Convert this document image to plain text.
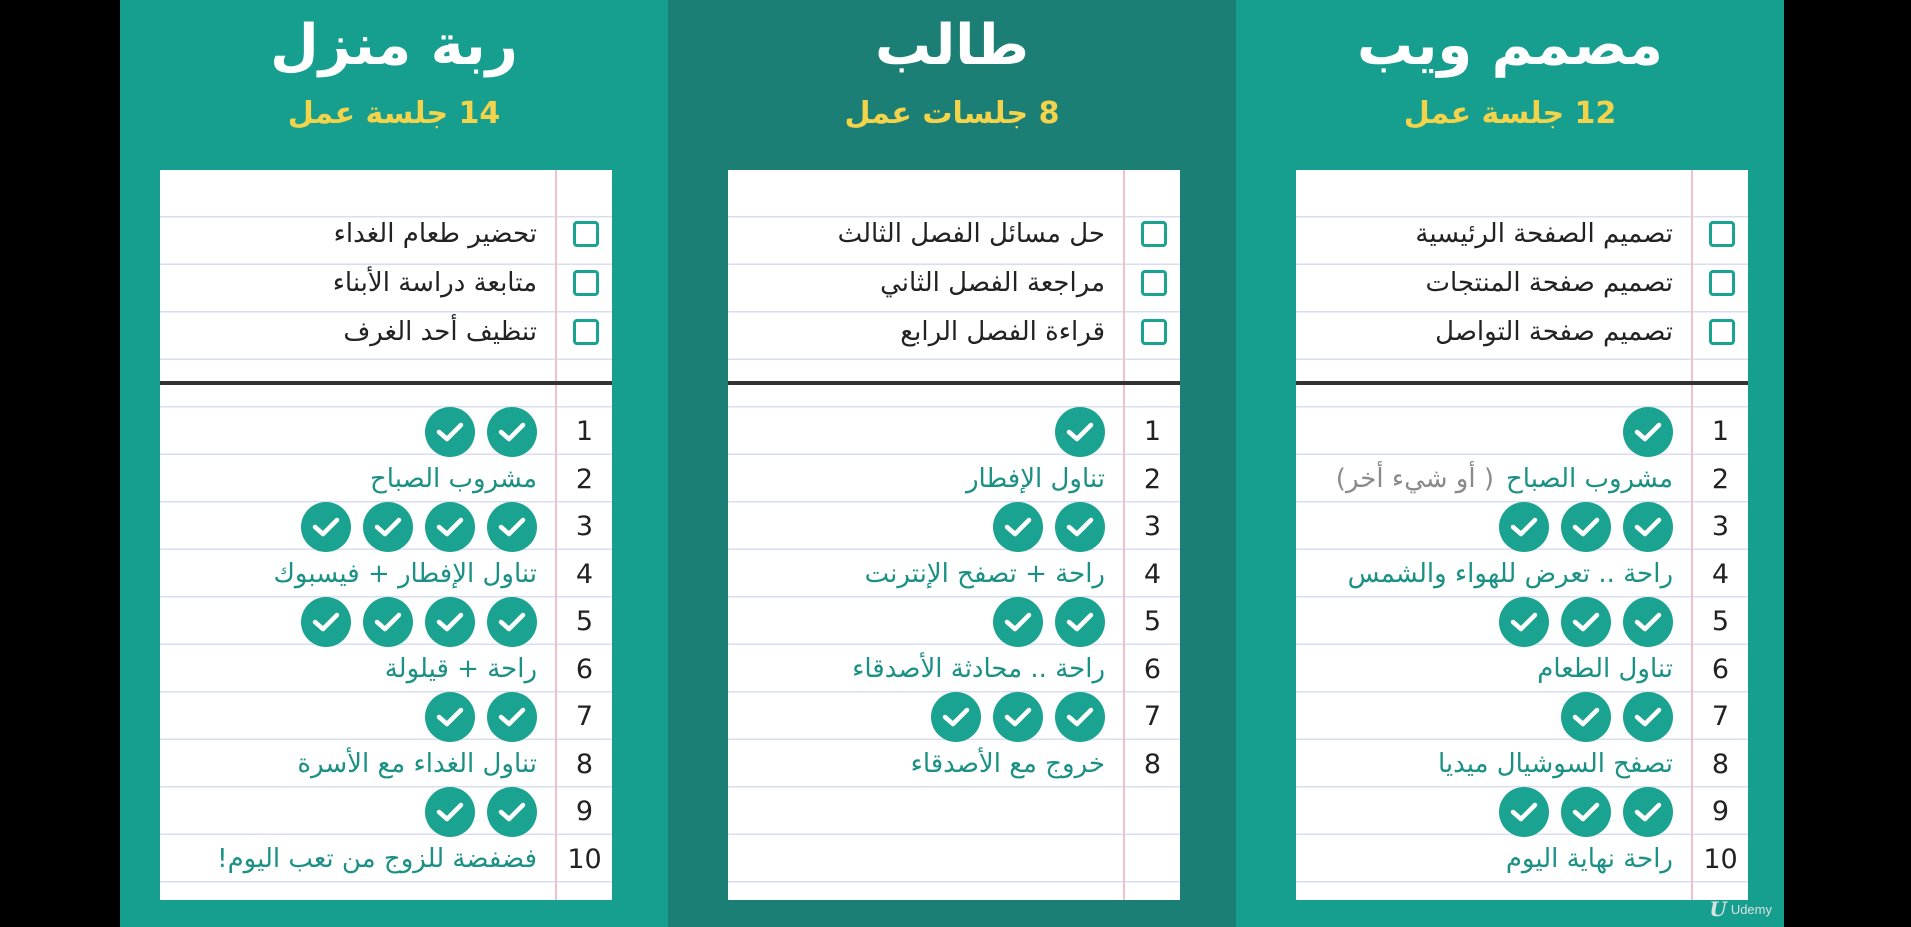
ربة منزل
14 جلسة عمل
تحضير طعام الغداء
متابعة دراسة الأبناء
تنظيف أحد الغرف
1
2
مشروب الصباح
3
4
تناول الإفطار + فيسبوك
5
6
راحة + قيلولة
7
8
تناول الغداء مع الأسرة
9
10
فضفضة للزوج من تعب اليوم!
طالب
8 جلسات عمل
حل مسائل الفصل الثالث
مراجعة الفصل الثاني
قراءة الفصل الرابع
1
2
تناول الإفطار
3
4
راحة + تصفح الإنترنت
5
6
راحة .. محادثة الأصدقاء
7
8
خروج مع الأصدقاء
مصمم ويب
12 جلسة عمل
تصميم الصفحة الرئيسية
تصميم صفحة المنتجات
تصميم صفحة التواصل
1
2
مشروب الصباح
( أو شيء أخر)
3
4
راحة .. تعرض للهواء والشمس
5
6
تناول الطعام
7
8
تصفح السوشيال ميديا
9
10
راحة نهاية اليوم
U Udemy
